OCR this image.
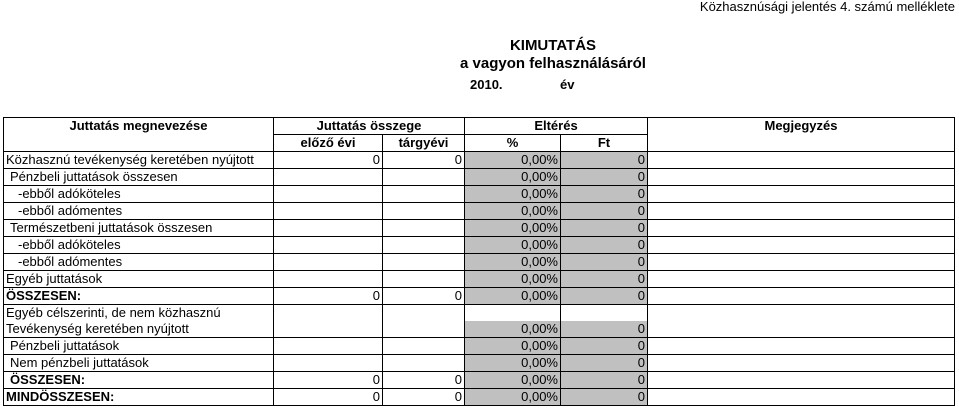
Közhasznúsági jelentés 4. számú melléklete
KIMUTATÁS
a vagyon felhasználásáról
2010.	év
Juttatás megnevezése	Juttatás összege		Eltérés		Megjegyzés
	előző évi	tárgyévi	%	Ft	
Közhasznú tevékenység keretében nyújtott	0	0	0,00%	0	
Pénzbeli juttatások összesen			0,00%	0	
-ebből adóköteles			0,00%	0	
-ebből adómentes			0,00%	0	
Természetbeni juttatások összesen			0,00%	0	
-ebből adóköteles			0,00%	0	
-ebből adómentes			0,00%	0	
Egyéb juttatások			0,00%	0	
ÖSSZESEN:	0	0	0,00%	0	
Egyéb célszerinti, de nem közhasznú					
Tevékenység keretében nyújtott			0,00%	0	
Pénzbeli juttatások			0,00%	0	
Nem pénzbeli juttatások			0,00%	0	
ÖSSZESEN:	0	0	0,00%	0	
MINDÖSSZESEN:	0	0	0,00%	0	
